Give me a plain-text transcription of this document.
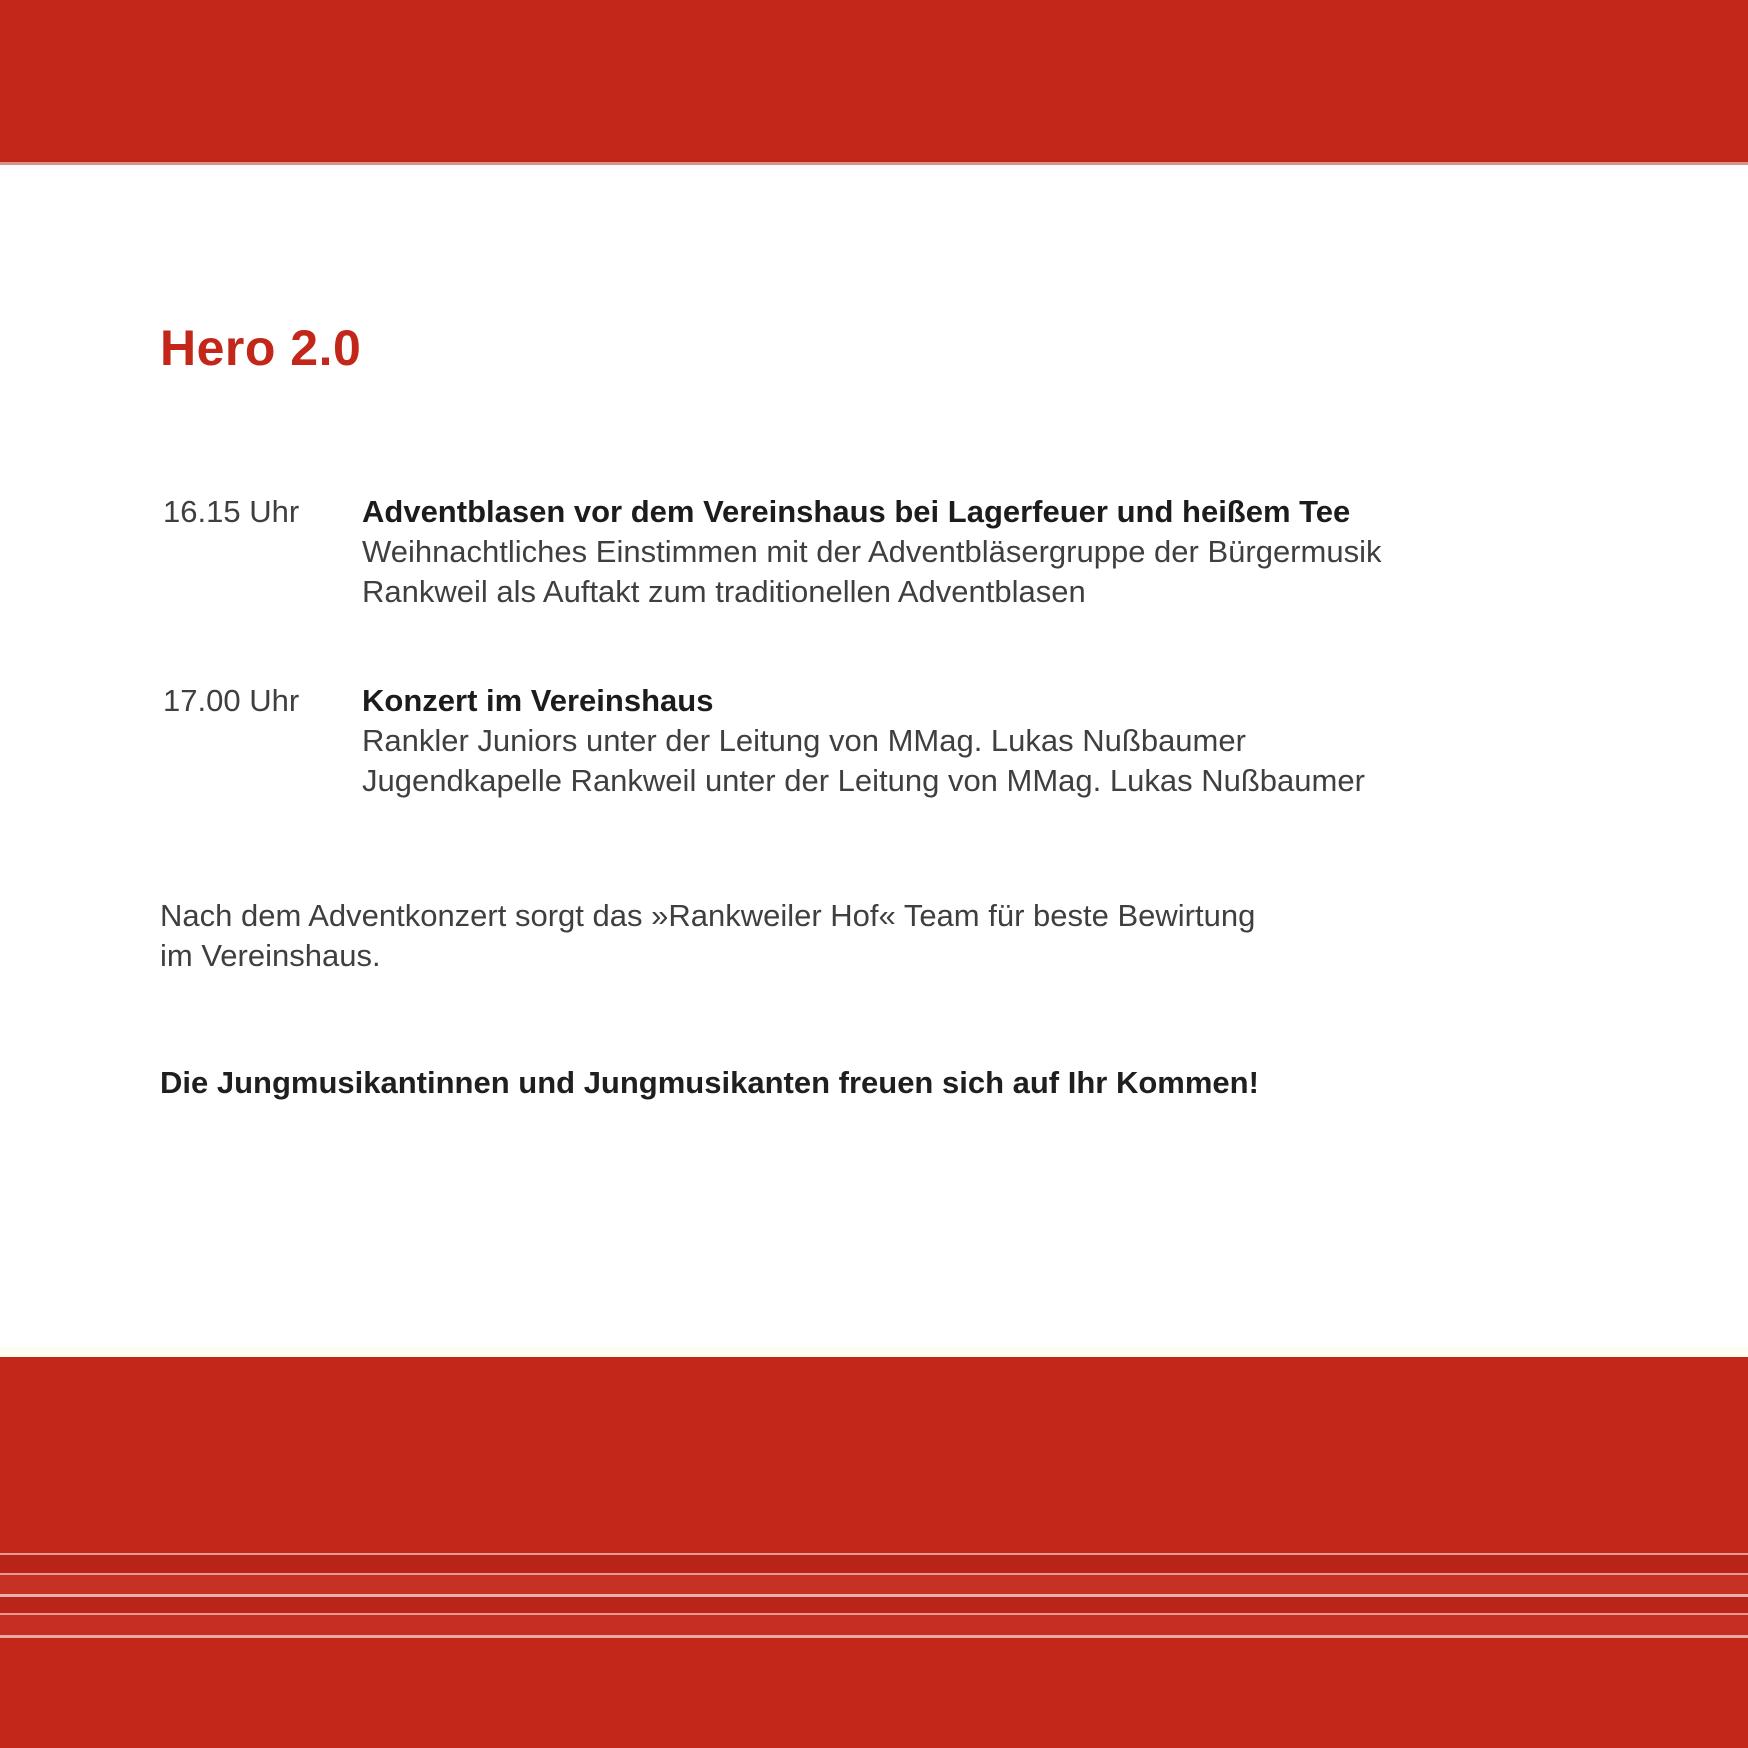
Hero 2.0
16.15 Uhr	Adventblasen vor dem Vereinshaus bei Lagerfeuer und heißem Tee
Weihnachtliches Einstimmen mit der Adventbläsergruppe der Bürgermusik
Rankweil als Auftakt zum traditionellen Adventblasen
17.00 Uhr	Konzert im Vereinshaus
Rankler Juniors unter der Leitung von MMag. Lukas Nußbaumer
Jugendkapelle Rankweil unter der Leitung von MMag. Lukas Nußbaumer
Nach dem Adventkonzert sorgt das »Rankweiler Hof« Team für beste Bewirtung
im Vereinshaus.
Die Jungmusikantinnen und Jungmusikanten freuen sich auf Ihr Kommen!
